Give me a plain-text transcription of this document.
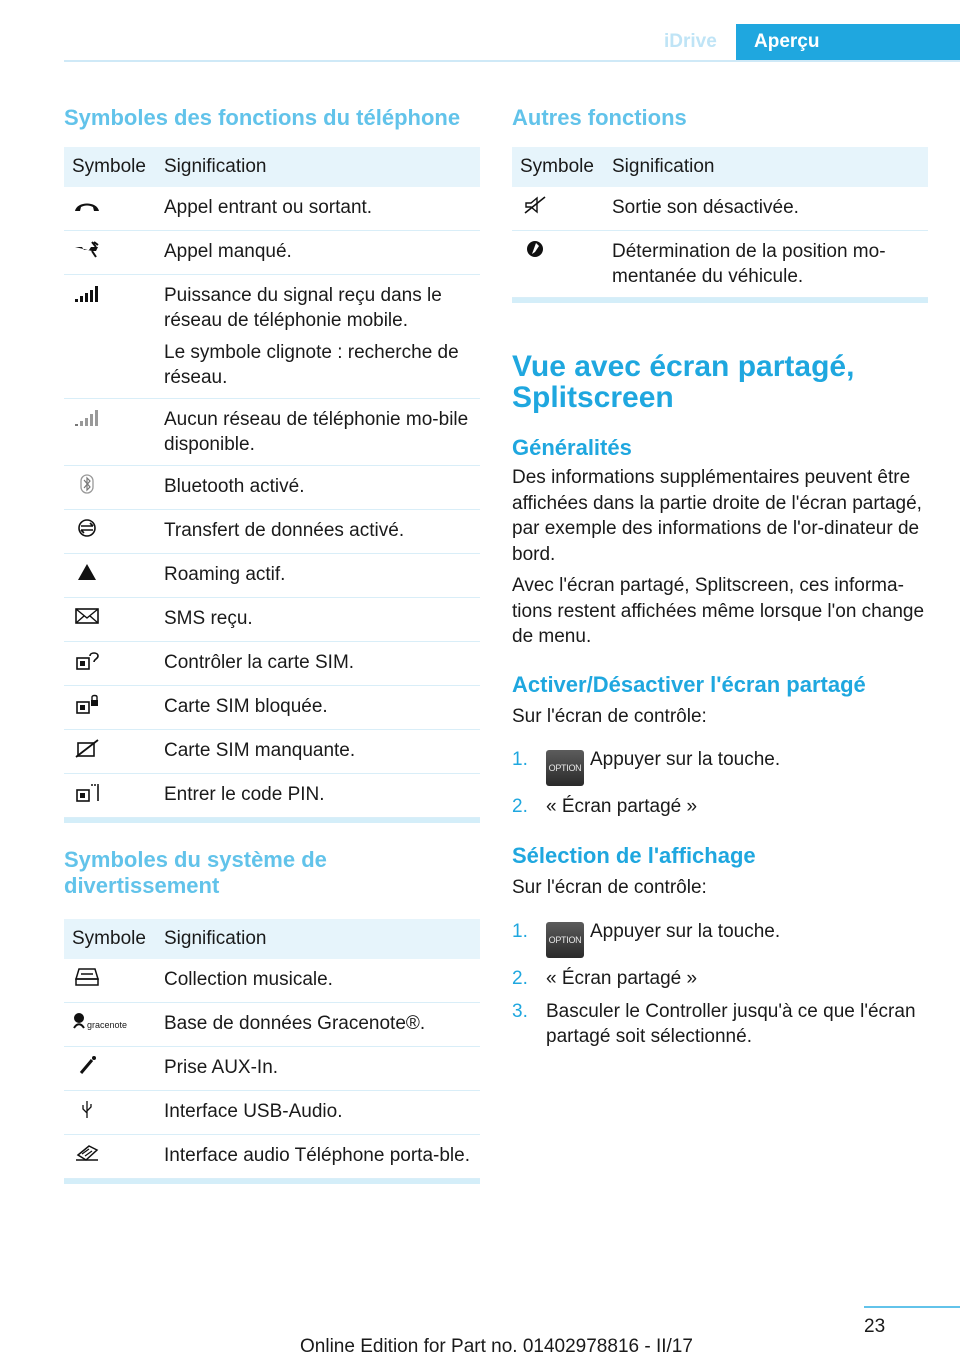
iDrive	Aperçu
Symboles des fonctions du téléphone
Symbole	Signification

Appel entrant ou sortant.

Appel manqué.

Puissance du signal reçu dans le réseau de téléphonie mobile.

Le symbole clignote : recherche de réseau.

Aucun réseau de téléphonie mo-bile disponible.

Bluetooth activé.

Transfert de données activé.

Roaming actif.

SMS reçu.

Contrôler la carte SIM.

Carte SIM bloquée.

Carte SIM manquante.

Entrer le code PIN.

Symboles du système de divertissement
Symbole	Signification

Collection musicale.

gracenote	Base de données Gracenote®.

Prise AUX-In.

Interface USB-Audio.

Interface audio Téléphone porta-ble.

Autres fonctions
Symbole	Signification

Sortie son désactivée.

Détermination de la position mo-mentanée du véhicule.

Vue avec écran partagé, Splitscreen
Généralités

Des informations supplémentaires peuvent être affichées dans la partie droite de l'écran partagé, par exemple des informations de l'or-dinateur de bord.

Avec l'écran partagé, Splitscreen, ces informa-tions restent affichées même lorsque l'on change de menu.

Activer/Désactiver l'écran partagé

Sur l'écran de contrôle:

1. OPTION Appuyer sur la touche.
2. « Écran partagé »
Sélection de l'affichage

Sur l'écran de contrôle:

1. OPTION Appuyer sur la touche.
2. « Écran partagé »
3. Basculer le Controller jusqu'à ce que l'écran partagé soit sélectionné.
23
Online Edition for Part no. 01402978816 - II/17
